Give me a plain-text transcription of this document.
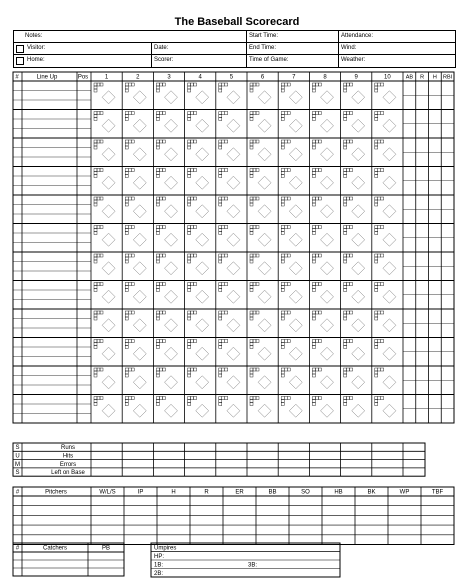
The Baseball Scorecard
Notes:	Start Time:	Attendance:
Visitor:	Date:	End Time:	Wind:
Home:	Scorer:	Time of Game:	Weather:
#	Line Up	Pos	1	2	3	4	5	6	7	8	9	10	AB R H RBI
S	Runs
U	Hits
M	Errors
S	Left on Base
#	Pitchers	W/L/S	IP	H	R	ER	BB	SO	HB	BK	WP	TBF
#	Catchers	PB	Umpires
HP:
1B:	3B:
2B:
